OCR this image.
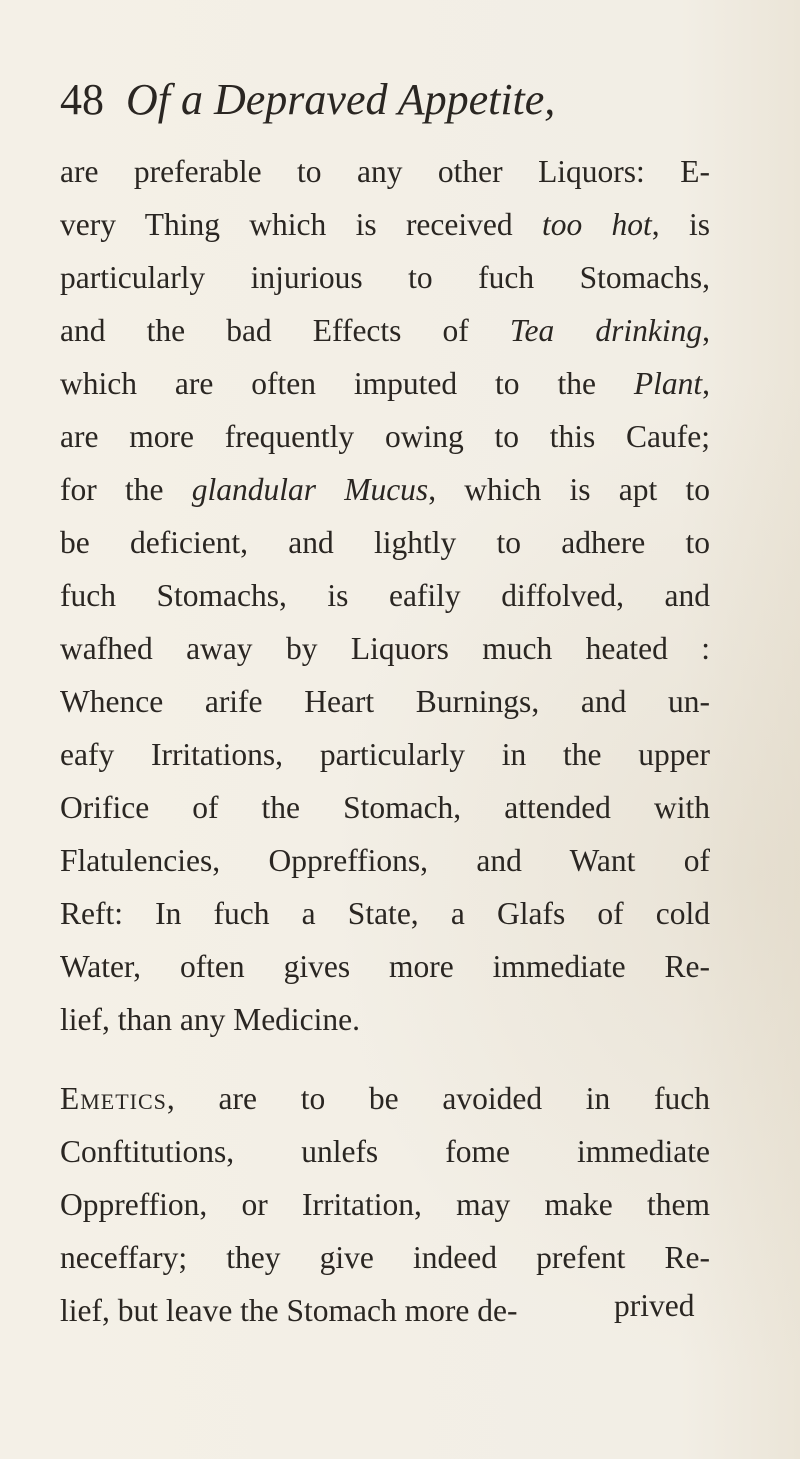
48 Of a Depraved Appetite,
are preferable to any other Liquors: E-
very Thing which is received too hot, is
particularly injurious to fuch Stomachs,
and the bad Effects of Tea drinking,
which are often imputed to the Plant,
are more frequently owing to this Caufe;
for the glandular Mucus, which is apt to
be deficient, and lightly to adhere to
fuch Stomachs, is eafily diffolved, and
wafhed away by Liquors much heated :
Whence arife Heart Burnings, and un-
eafy Irritations, particularly in the upper
Orifice of the Stomach, attended with
Flatulencies, Oppreffions, and Want of
Reft: In fuch a State, a Glafs of cold
Water, often gives more immediate Re-
lief, than any Medicine.
Emetics, are to be avoided in fuch
Conftitutions, unlefs fome immediate
Oppreffion, or Irritation, may make them
neceffary; they give indeed prefent Re-
lief, but leave the Stomach more de-	prived
